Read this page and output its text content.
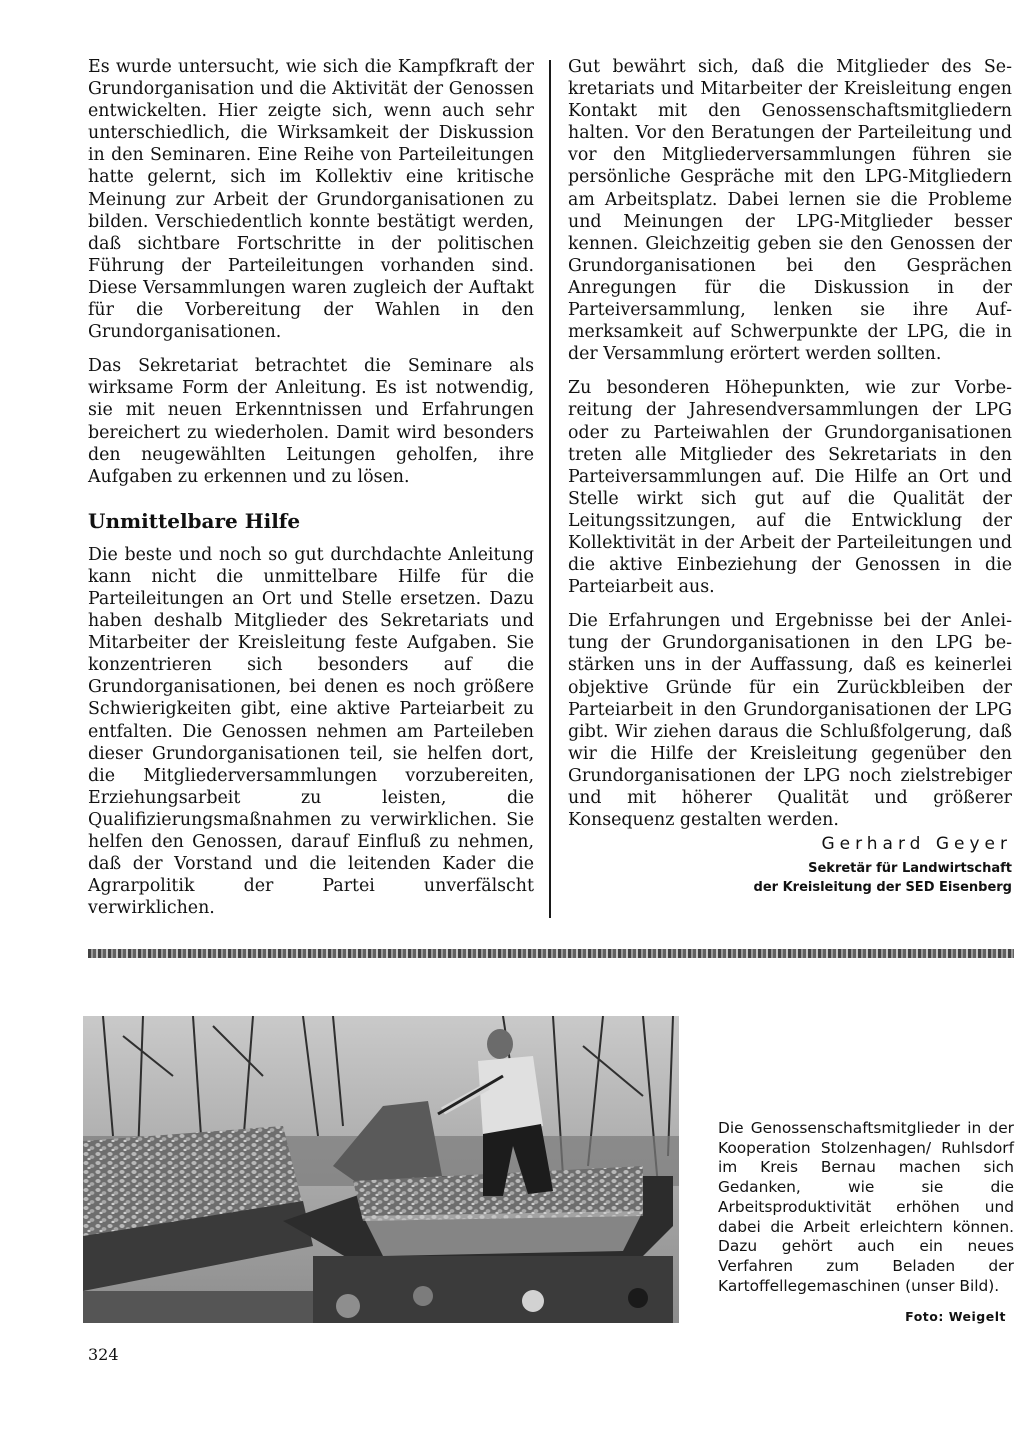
Es wurde untersucht, wie sich die Kampfkraft der Grundorganisation und die Aktivität der Genossen entwickelten. Hier zeigte sich, wenn auch sehr unterschiedlich, die Wirksamkeit der Diskussion in den Seminaren. Eine Reihe von Parteileitungen hatte gelernt, sich im Kollektiv eine kritische Meinung zur Arbeit der Grundorganisationen zu bilden. Verschiedentlich konnte bestätigt werden, daß sichtbare Fortschritte in der politischen Führung der Parteileitungen vorhanden sind. Diese Versammlungen waren zugleich der Auftakt für die Vorbereitung der Wahlen in den Grundorganisationen.

Das Sekretariat betrachtet die Seminare als wirksame Form der Anleitung. Es ist notwendig, sie mit neuen Erkenntnissen und Erfahrungen bereichert zu wiederholen. Damit wird besonders den neugewählten Leitungen geholfen, ihre Aufgaben zu erkennen und zu lösen.

Unmittelbare Hilfe

Die beste und noch so gut durchdachte Anleitung kann nicht die unmittelbare Hilfe für die Parteileitungen an Ort und Stelle ersetzen. Dazu haben deshalb Mitglieder des Sekretariats und Mitarbeiter der Kreisleitung feste Aufgaben. Sie konzentrieren sich besonders auf die Grundorganisationen, bei denen es noch größere Schwierigkeiten gibt, eine aktive Parteiarbeit zu entfalten. Die Genossen nehmen am Parteileben dieser Grundorganisationen teil, sie helfen dort, die Mitgliederversammlungen vorzubereiten, Erziehungsarbeit zu leisten, die Qualifizierungsmaßnahmen zu verwirklichen. Sie helfen den Genossen, darauf Einfluß zu nehmen, daß der Vorstand und die leitenden Kader die Agrarpolitik der Partei unverfälscht verwirklichen.

Gut bewährt sich, daß die Mitglieder des Sekretariats und Mitarbeiter der Kreisleitung engen Kontakt mit den Genossenschaftsmitgliedern halten. Vor den Beratungen der Parteileitung und vor den Mitgliederversammlungen führen sie persönliche Gespräche mit den LPG-Mitgliedern am Arbeitsplatz. Dabei lernen sie die Probleme und Meinungen der LPG-Mitglieder besser kennen. Gleichzeitig geben sie den Genossen der Grundorganisationen bei den Gesprächen Anregungen für die Diskussion in der Parteiversammlung, lenken sie ihre Aufmerksamkeit auf Schwerpunkte der LPG, die in der Versammlung erörtert werden sollten.

Zu besonderen Höhepunkten, wie zur Vorbereitung der Jahresendversammlungen der LPG oder zu Parteiwahlen der Grundorganisationen treten alle Mitglieder des Sekretariats in den Parteiversammlungen auf. Die Hilfe an Ort und Stelle wirkt sich gut auf die Qualität der Leitungssitzungen, auf die Entwicklung der Kollektivität in der Arbeit der Parteileitungen und die aktive Einbeziehung der Genossen in die Parteiarbeit aus.

Die Erfahrungen und Ergebnisse bei der Anleitung der Grundorganisationen in den LPG bestärken uns in der Auffassung, daß es keinerlei objektive Gründe für ein Zurückbleiben der Parteiarbeit in den Grundorganisationen der LPG gibt. Wir ziehen daraus die Schlußfolgerung, daß wir die Hilfe der Kreisleitung gegenüber den Grundorganisationen der LPG noch zielstrebiger und mit höherer Qualität und größerer Konsequenz gestalten werden.

Gerhard Geyer
Sekretär für Landwirtschaft
der Kreisleitung der SED Eisenberg
Die Genossenschaftsmitglieder in der Kooperation Stolzenhagen/ Ruhlsdorf im Kreis Bernau machen sich Gedanken, wie sie die Arbeitsproduktivität erhöhen und dabei die Arbeit erleichtern können. Dazu gehört auch ein neues Verfahren zum Beladen der Kartoffellegemaschinen (unser Bild).
Foto: Weigelt
324
